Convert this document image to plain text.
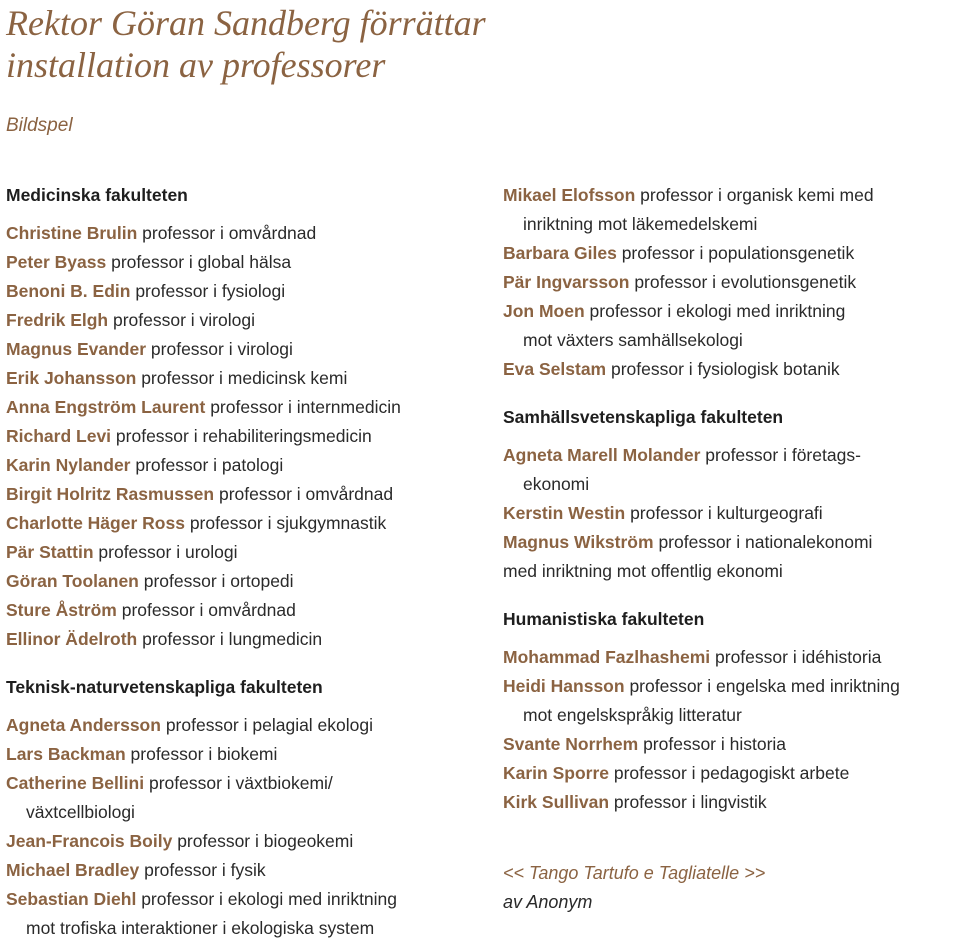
Rektor Göran Sandberg förrättar installation av professorer

Bildspel

Medicinska fakulteten

Christine Brulin professor i omvårdnad

Peter Byass professor i global hälsa

Benoni B. Edin professor i fysiologi

Fredrik Elgh professor i virologi

Magnus Evander professor i virologi

Erik Johansson professor i medicinsk kemi

Anna Engström Laurent professor i internmedicin

Richard Levi professor i rehabiliteringsmedicin

Karin Nylander professor i patologi

Birgit Holritz Rasmussen professor i omvårdnad

Charlotte Häger Ross professor i sjukgymnastik

Pär Stattin professor i urologi

Göran Toolanen professor i ortopedi

Sture Åström professor i omvårdnad

Ellinor Ädelroth professor i lungmedicin

Teknisk-naturvetenskapliga fakulteten

Agneta Andersson professor i pelagial ekologi

Lars Backman professor i biokemi

Catherine Bellini professor i växtbiokemi/
växtcellbiologi

Jean-Francois Boily professor i biogeokemi

Michael Bradley professor i fysik

Sebastian Diehl professor i ekologi med inriktning
mot trofiska interaktioner i ekologiska system

Mikael Elofsson professor i organisk kemi med
inriktning mot läkemedelskemi

Barbara Giles professor i populationsgenetik

Pär Ingvarsson professor i evolutionsgenetik

Jon Moen professor i ekologi med inriktning
mot växters samhällsekologi

Eva Selstam professor i fysiologisk botanik

Samhällsvetenskapliga fakulteten

Agneta Marell Molander professor i företags-
ekonomi

Kerstin Westin professor i kulturgeografi

Magnus Wikström professor i nationalekonomi
med inriktning mot offentlig ekonomi

Humanistiska fakulteten

Mohammad Fazlhashemi professor i idéhistoria

Heidi Hansson professor i engelska med inriktning
mot engelskspråkig litteratur

Svante Norrhem professor i historia

Karin Sporre professor i pedagogiskt arbete

Kirk Sullivan professor i lingvistik

<< Tango Tartufo e Tagliatelle >>

av Anonym
